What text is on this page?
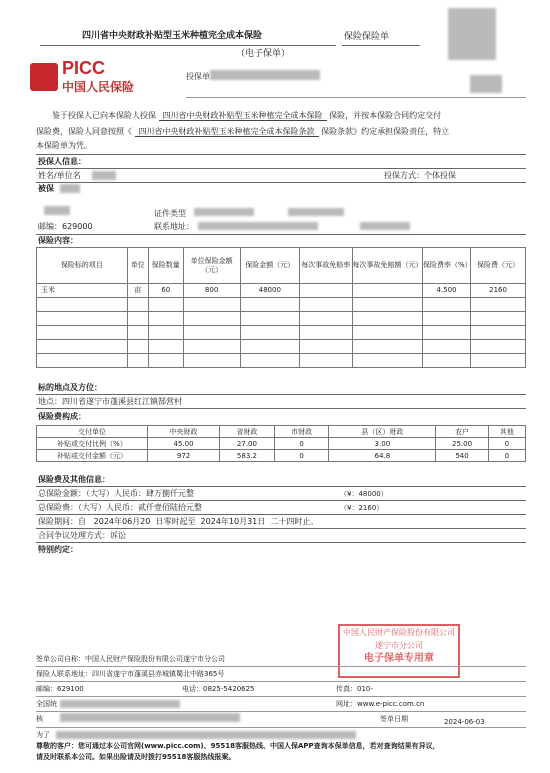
四川省中央财政补贴型玉米种植完全成本保险	保险保险单
（电子保单）
PICC
中国人民保险
投保单
鉴于投保人已向本保险人投保 四川省中央财政补贴型玉米种植完全成本保险 保险，并按本保险合同约定交付
保险费，保险人同意按照《 四川省中央财政补贴型玉米种植完全成本保险条款 保险条款》约定承担保险责任，特立
本保险单为凭。
投保人信息：
姓名/单位名	投保方式：个体投保
被保
证件类型
邮编：629000	联系地址：
保险内容：
保险标的项目	单位	保险数量	单位保险金额（元）	保险金额（元）	每次事故免赔率	每次事故免赔额（元）	保险费率（%）	保险费（元）
玉米	亩	60	800	48000			4.500	2160

标的地点及方位：
地点：四川省遂宁市蓬溪县红江镇郜营村
保险费构成：
交付单位	中央财政	省财政	市财政	县（区）财政	农户	其他
补贴或交付比例（%）	45.00	27.00	0	3.00	25.00	0
补贴或交付金额（元）	972	583.2	0	64.8	540	0
保险费及其他信息：
总保险金额：（大写）人民币：肆万捌仟元整	（¥：48000）
总保险费：（大写）人民币：贰仟壹佰陆拾元整	（¥：2160）
保险期间：自 2024年06月20 日零时起至 2024年10月31日 二十四时止。
合同争议处理方式：诉讼
特别约定：
中国人民财产保险股份有限公司
遂宁市分公司
电子保单专用章
签单公司自称：中国人民财产保险股份有限公司遂宁市分公司
保险人联系地址：四川省遂宁市蓬溪县赤城镇蜀北中路365号
邮编：629100	电话：0825-5420625	传真：010-
全国统	网址：www.e-picc.com.cn
核	签单日期	2024-06-03
为了
尊敬的客户：您可通过本公司官网(www.picc.com)、95518客服热线、中国人保APP查询本保单信息，若对查询结果有异议，
请及时联系本公司。如果出险请及时拨打95518客服热线报案。
